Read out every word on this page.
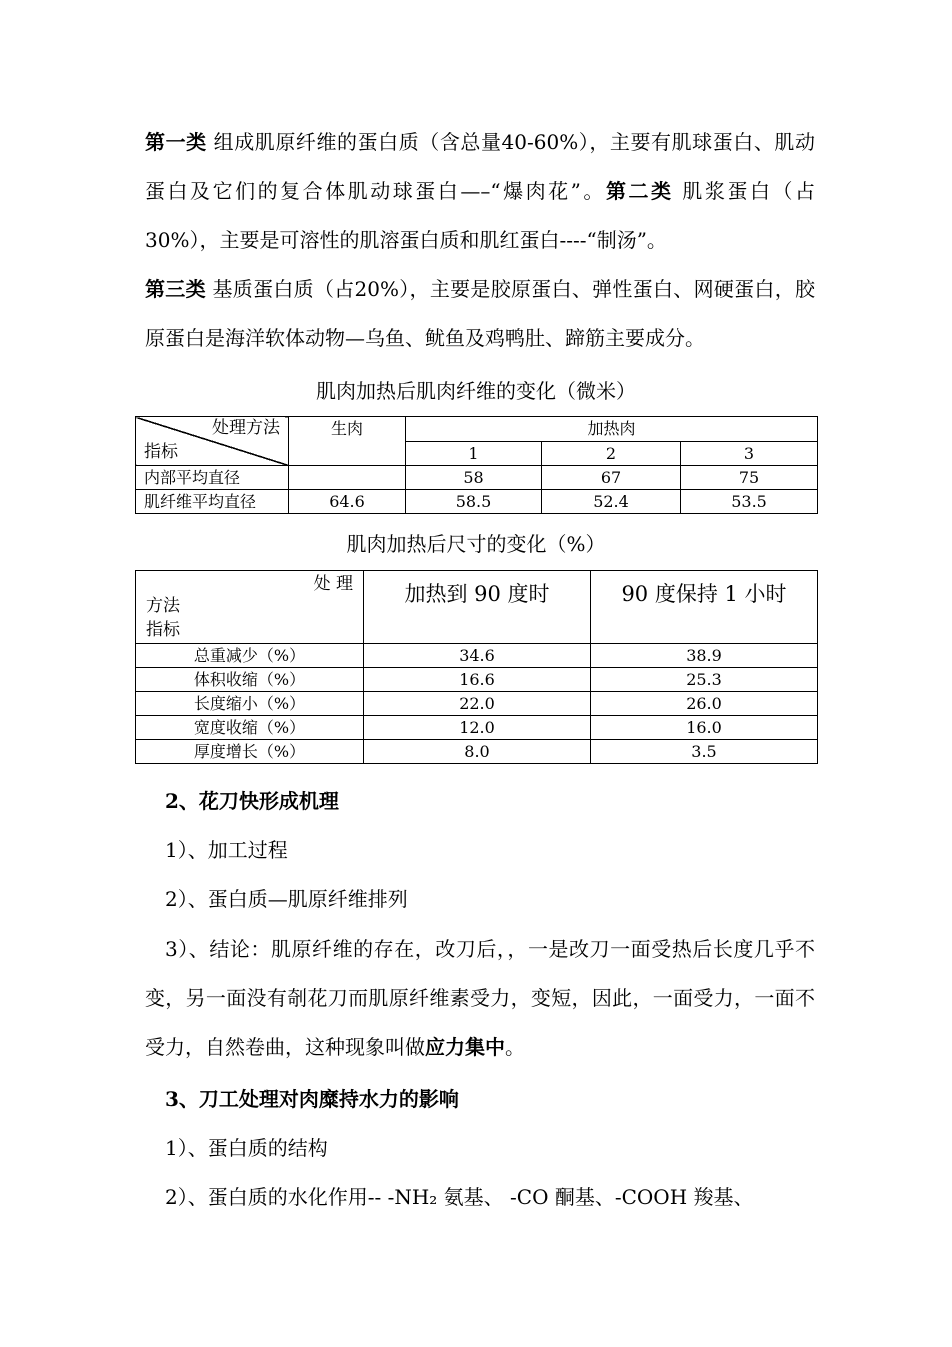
第一类 组成肌原纤维的蛋白质（含总量40-60%），主要有肌球蛋白、肌动蛋白及它们的复合体肌动球蛋白—–“爆肉花”。第二类 肌浆蛋白（占30%），主要是可溶性的肌溶蛋白质和肌红蛋白----“制汤”。
第三类 基质蛋白质（占20%），主要是胶原蛋白、弹性蛋白、网硬蛋白，胶原蛋白是海洋软体动物—乌鱼、鱿鱼及鸡鸭肚、蹄筋主要成分。

肌肉加热后肌肉纤维的变化（微米）

处理方法
指标	生肉	加热肉		
		1	2	3
内部平均直径		58	67	75
肌纤维平均直径	64.6	58.5	52.4	53.5

肌肉加热后尺寸的变化（%）

处 理
方法
指标	加热到 90 度时	90 度保持 1 小时
总重减少（%）	34.6	38.9
体积收缩（%）	16.6	25.3
长度缩小（%）	22.0	26.0
宽度收缩（%）	12.0	16.0
厚度增长（%）	8.0	3.5

2、花刀快形成机理

1）、加工过程

2）、蛋白质—肌原纤维排列

3）、结论：肌原纤维的存在，改刀后，，一是改刀一面受热后长度几乎不变，另一面没有剞花刀而肌原纤维素受力，变短，因此，一面受力，一面不受力，自然卷曲，这种现象叫做应力集中。

3、刀工处理对肉糜持水力的影响

1）、蛋白质的结构

2）、蛋白质的水化作用-- -NH₂ 氨基、 -CO 酮基、-COOH 羧基、
